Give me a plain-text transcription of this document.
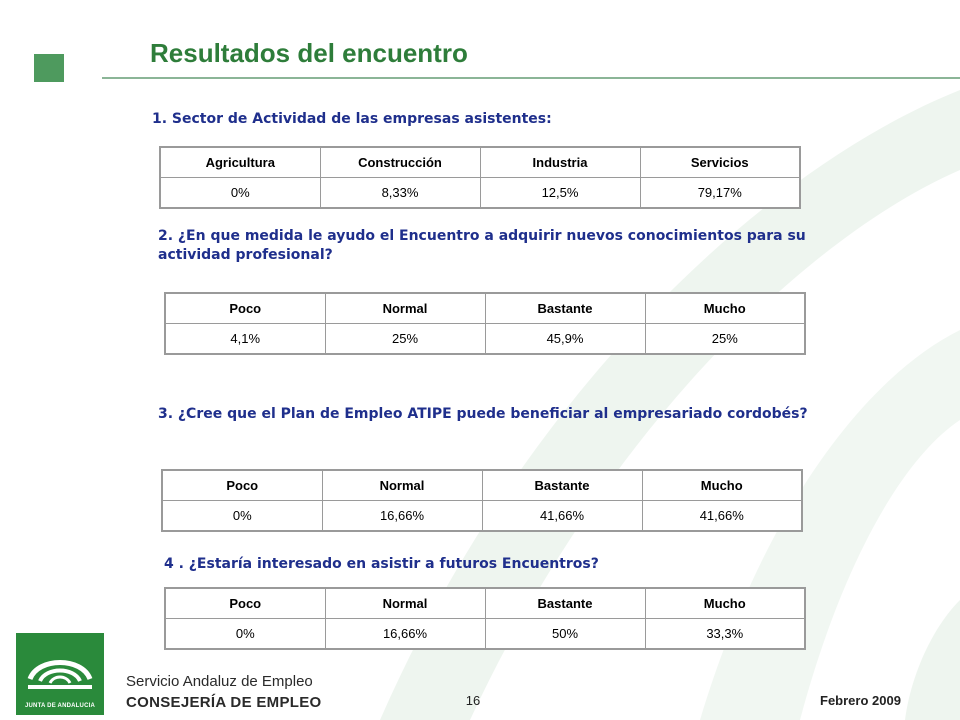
Resultados del encuentro

1. Sector de Actividad de las empresas asistentes:

Agricultura	Construcción	Industria	Servicios
0%	8,33%	12,5%	79,17%

2. ¿En que medida le ayudo el Encuentro a adquirir nuevos conocimientos para su actividad profesional?

Poco	Normal	Bastante	Mucho
4,1%	25%	45,9%	25%

3. ¿Cree que el Plan de Empleo ATIPE puede beneficiar al empresariado cordobés?

Poco	Normal	Bastante	Mucho
0%	16,66%	41,66%	41,66%

4 . ¿Estaría interesado en asistir a futuros Encuentros?

Poco	Normal	Bastante	Mucho
0%	16,66%	50%	33,3%
JUNTA DE ANDALUCIA

Servicio Andaluz de Empleo

CONSEJERÍA DE EMPLEO	16	Febrero 2009
